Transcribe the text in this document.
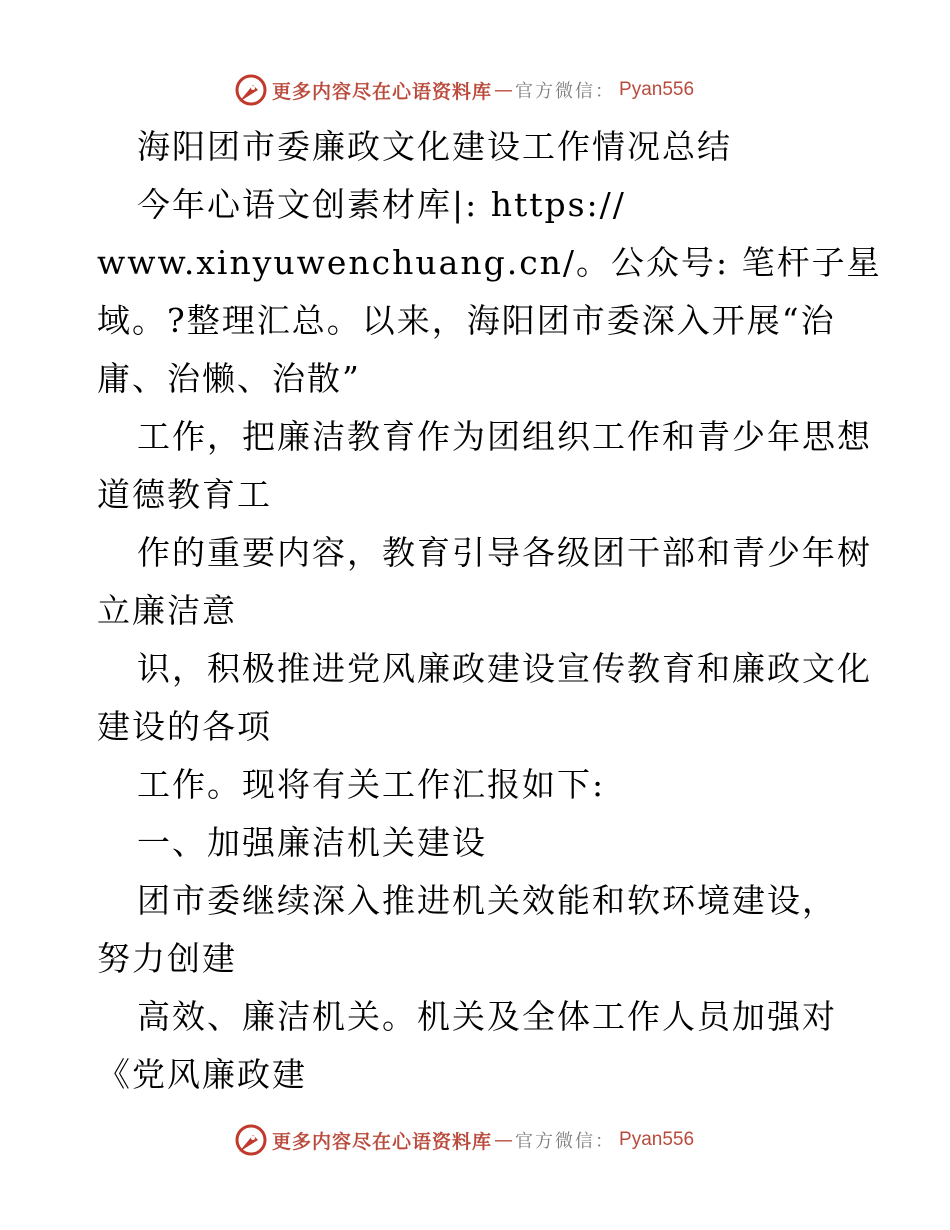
更多内容尽在心语资料库 — 官方微信： Pyan556
海阳团市委廉政文化建设工作情况总结
今年心语文创素材库|: https://
www.xinyuwenchuang.cn/。公众号: 笔杆子星
域。?整理汇总。以来，海阳团市委深入开展“治
庸、治懒、治散”
工作，把廉洁教育作为团组织工作和青少年思想
道德教育工
作的重要内容，教育引导各级团干部和青少年树
立廉洁意
识，积极推进党风廉政建设宣传教育和廉政文化
建设的各项
工作。现将有关工作汇报如下:
一、加强廉洁机关建设
团市委继续深入推进机关效能和软环境建设，
努力创建
高效、廉洁机关。机关及全体工作人员加强对
《党风廉政建
更多内容尽在心语资料库 — 官方微信： Pyan556
